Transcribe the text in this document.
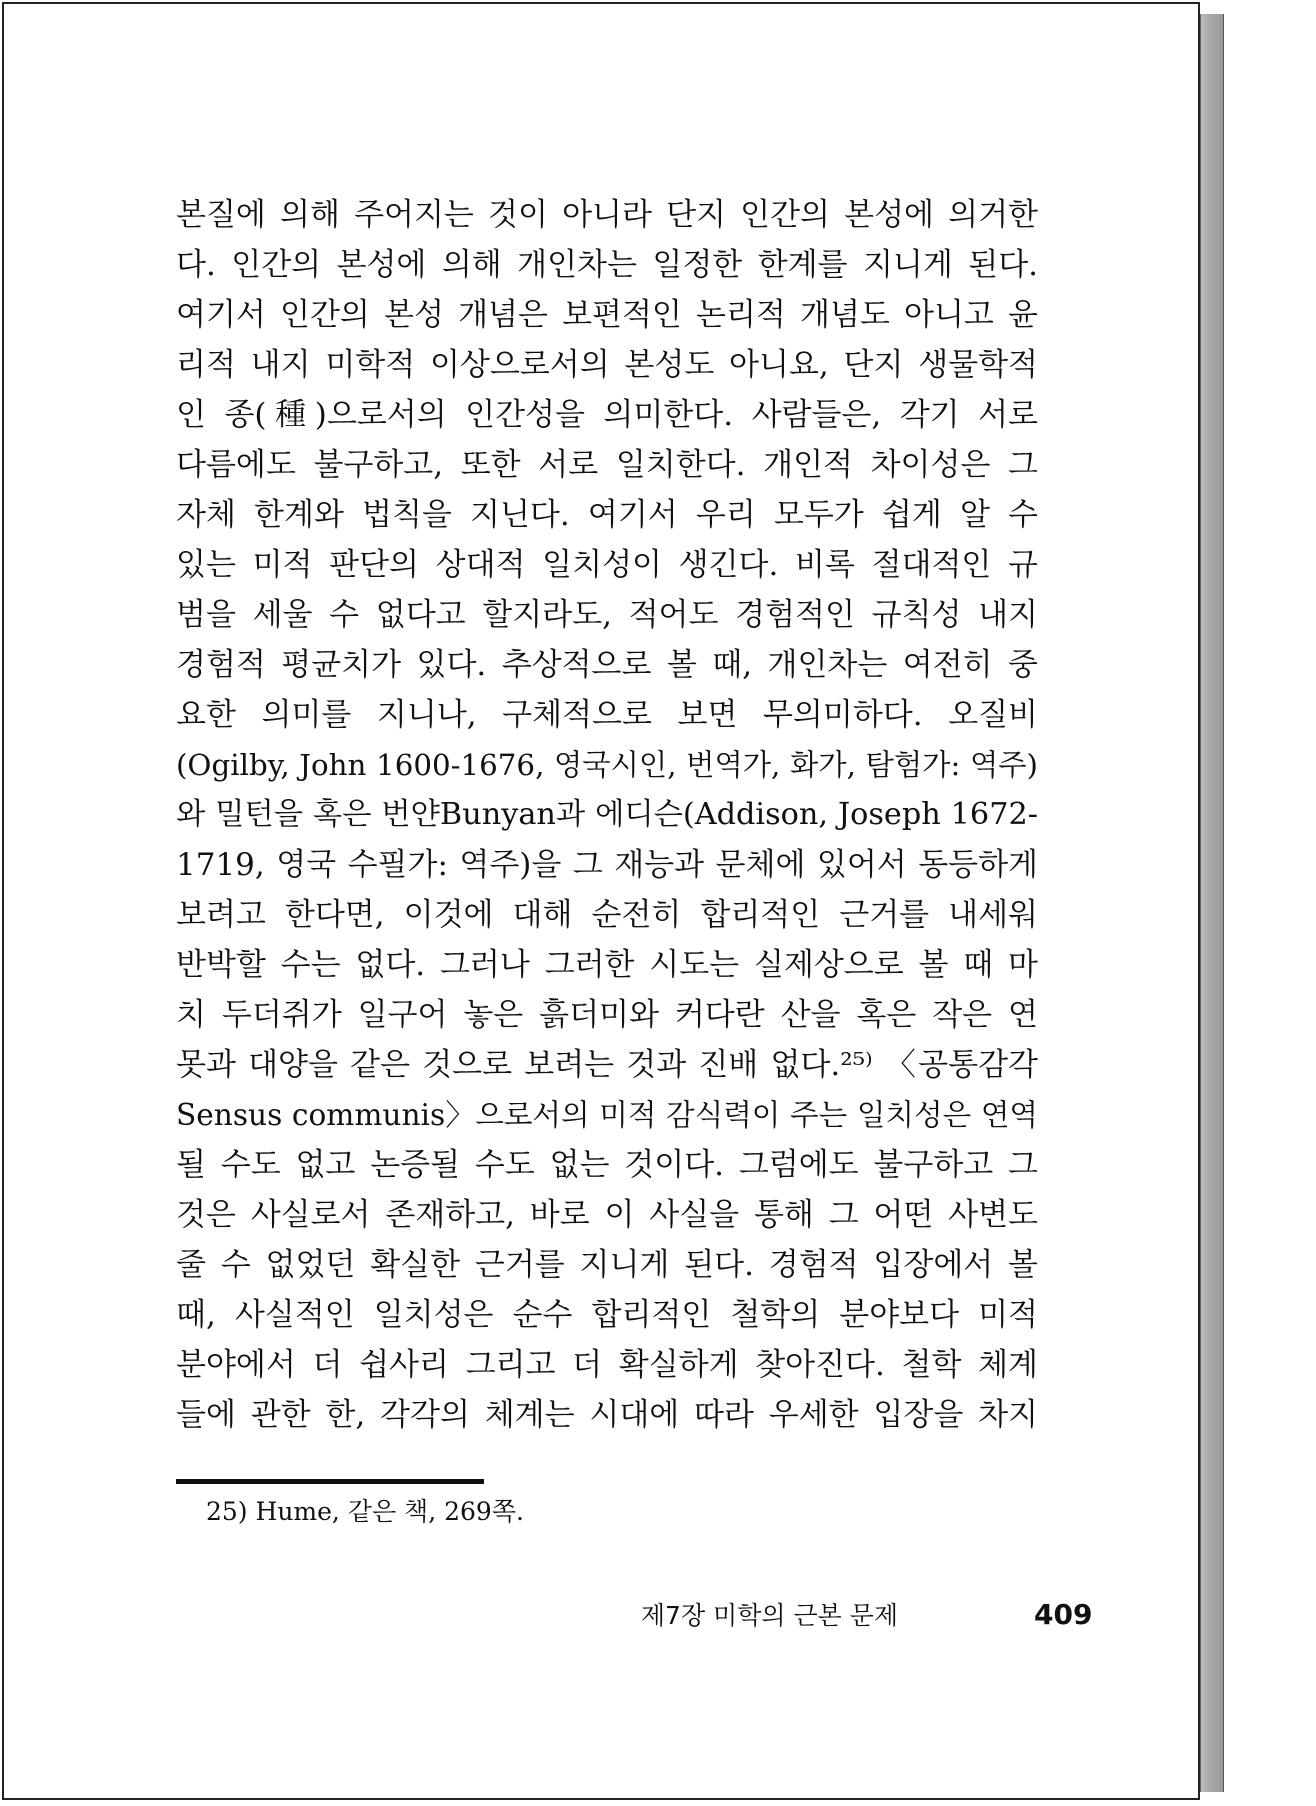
본질에 의해 주어지는 것이 아니라 단지 인간의 본성에 의거한
다. 인간의 본성에 의해 개인차는 일정한 한계를 지니게 된다.
여기서 인간의 본성 개념은 보편적인 논리적 개념도 아니고 윤
리적 내지 미학적 이상으로서의 본성도 아니요, 단지 생물학적
인 종(種)으로서의 인간성을 의미한다. 사람들은, 각기 서로
다름에도 불구하고, 또한 서로 일치한다. 개인적 차이성은 그
자체 한계와 법칙을 지닌다. 여기서 우리 모두가 쉽게 알 수
있는 미적 판단의 상대적 일치성이 생긴다. 비록 절대적인 규
범을 세울 수 없다고 할지라도, 적어도 경험적인 규칙성 내지
경험적 평균치가 있다. 추상적으로 볼 때, 개인차는 여전히 중
요한 의미를 지니나, 구체적으로 보면 무의미하다. 오질비
(Ogilby, John 1600-1676, 영국시인, 번역가, 화가, 탐험가: 역주)
와 밀턴을 혹은 번얀Bunyan과 에디슨(Addison, Joseph 1672-
1719, 영국 수필가: 역주)을 그 재능과 문체에 있어서 동등하게
보려고 한다면, 이것에 대해 순전히 합리적인 근거를 내세워
반박할 수는 없다. 그러나 그러한 시도는 실제상으로 볼 때 마
치 두더쥐가 일구어 놓은 흙더미와 커다란 산을 혹은 작은 연
못과 대양을 같은 것으로 보려는 것과 진배 없다.²⁵⁾ 〈공통감각
Sensus communis〉으로서의 미적 감식력이 주는 일치성은 연역
될 수도 없고 논증될 수도 없는 것이다. 그럼에도 불구하고 그
것은 사실로서 존재하고, 바로 이 사실을 통해 그 어떤 사변도
줄 수 없었던 확실한 근거를 지니게 된다. 경험적 입장에서 볼
때, 사실적인 일치성은 순수 합리적인 철학의 분야보다 미적
분야에서 더 쉽사리 그리고 더 확실하게 찾아진다. 철학 체계
들에 관한 한, 각각의 체계는 시대에 따라 우세한 입장을 차지
25) Hume, 같은 책, 269쪽.
제7장 미학의 근본 문제	409
